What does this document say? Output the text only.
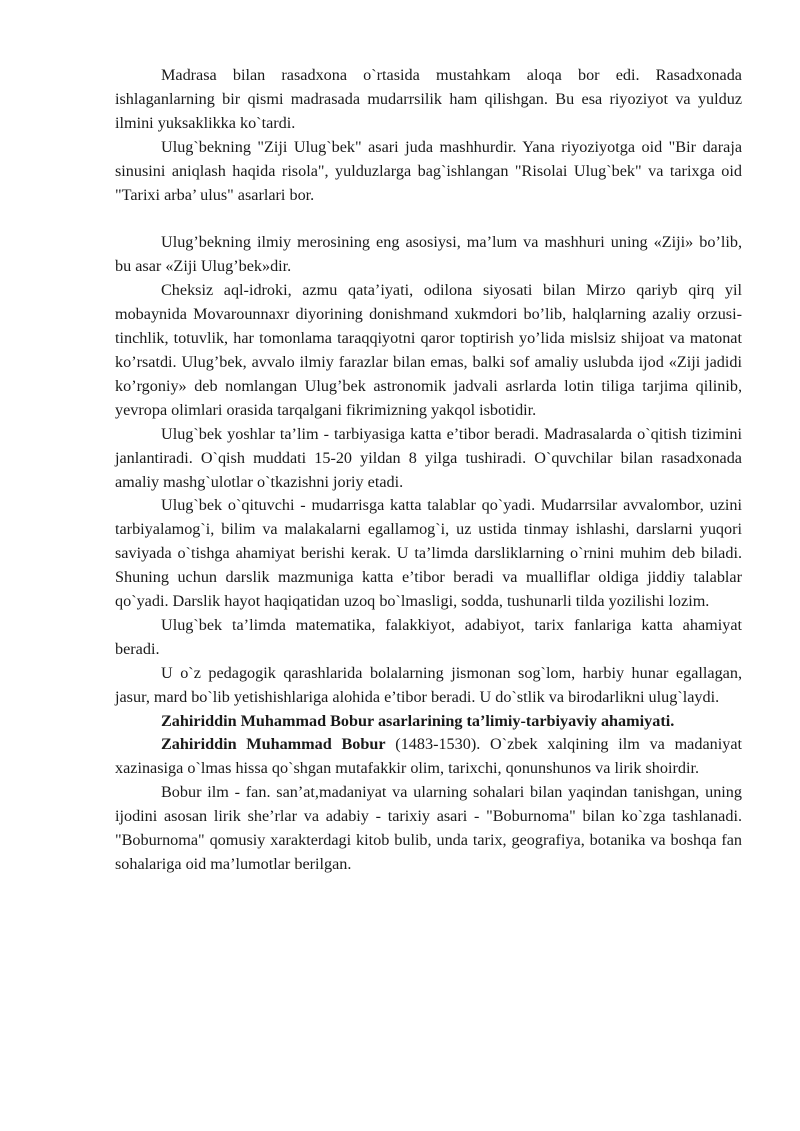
Madrasa bilan rasadxona o`rtasida mustahkam aloqa bor edi. Rasadxonada ishlaganlarning bir qismi madrasada mudarrsilik ham qilishgan. Bu esa riyoziyot va yulduz ilmini yuksaklikka ko`tardi.

Ulug`bekning "Ziji Ulug`bek" asari juda mashhurdir. Yana riyoziyotga oid "Bir daraja sinusini aniqlash haqida risola", yulduzlarga bag`ishlangan "Risolai Ulug`bek" va tarixga oid "Tarixi arba’ ulus" asarlari bor.

Ulug’bekning ilmiy merosining eng asosiysi, ma’lum va mashhuri uning «Ziji» bo’lib, bu asar «Ziji Ulug’bek»dir.

Cheksiz aql-idroki, azmu qata’iyati, odilona siyosati bilan Mirzo qariyb qirq yil mobaynida Movarounnaxr diyorining donishmand xukmdori bo’lib, halqlarning azaliy orzusi-tinchlik, totuvlik, har tomonlama taraqqiyotni qaror toptirish yo’lida mislsiz shijoat va matonat ko’rsatdi. Ulug’bek, avvalo ilmiy farazlar bilan emas, balki sof amaliy uslubda ijod «Ziji jadidi ko’rgoniy» deb nomlangan Ulug’bek astronomik jadvali asrlarda lotin tiliga tarjima qilinib, yevropa olimlari orasida tarqalgani fikrimizning yakqol isbotidir.

Ulug`bek yoshlar ta’lim - tarbiyasiga katta e’tibor beradi. Madrasalarda o`qitish tizimini janlantiradi. O`qish muddati 15-20 yildan 8 yilga tushiradi. O`quvchilar bilan rasadxonada amaliy mashg`ulotlar o`tkazishni joriy etadi.

Ulug`bek o`qituvchi - mudarrisga katta talablar qo`yadi. Mudarrsilar avvalombor, uzini tarbiyalamog`i, bilim va malakalarni egallamog`i, uz ustida tinmay ishlashi, darslarni yuqori saviyada o`tishga ahamiyat berishi kerak. U ta’limda darsliklarning o`rnini muhim deb biladi. Shuning uchun darslik mazmuniga katta e’tibor beradi va mualliflar oldiga jiddiy talablar qo`yadi. Darslik hayot haqiqatidan uzoq bo`lmasligi, sodda, tushunarli tilda yozilishi lozim.

Ulug`bek ta’limda matematika, falakkiyot, adabiyot, tarix fanlariga katta ahamiyat beradi.

U o`z pedagogik qarashlarida bolalarning jismonan sog`lom, harbiy hunar egallagan, jasur, mard bo`lib yetishishlariga alohida e’tibor beradi. U do`stlik va birodarlikni ulug`laydi.

Zahiriddin Muhammad Bobur asarlarining ta’limiy-tarbiyaviy ahamiyati.

Zahiriddin Muhammad Bobur (1483-1530). O`zbek xalqining ilm va madaniyat xazinasiga o`lmas hissa qo`shgan mutafakkir olim, tarixchi, qonunshunos va lirik shoirdir.

Bobur ilm - fan. san’at,madaniyat va ularning sohalari bilan yaqindan tanishgan, uning ijodini asosan lirik she’rlar va adabiy - tarixiy asari - "Boburnoma" bilan ko`zga tashlanadi. "Boburnoma" qomusiy xarakterdagi kitob bulib, unda tarix, geografiya, botanika va boshqa fan sohalariga oid ma’lumotlar berilgan.
